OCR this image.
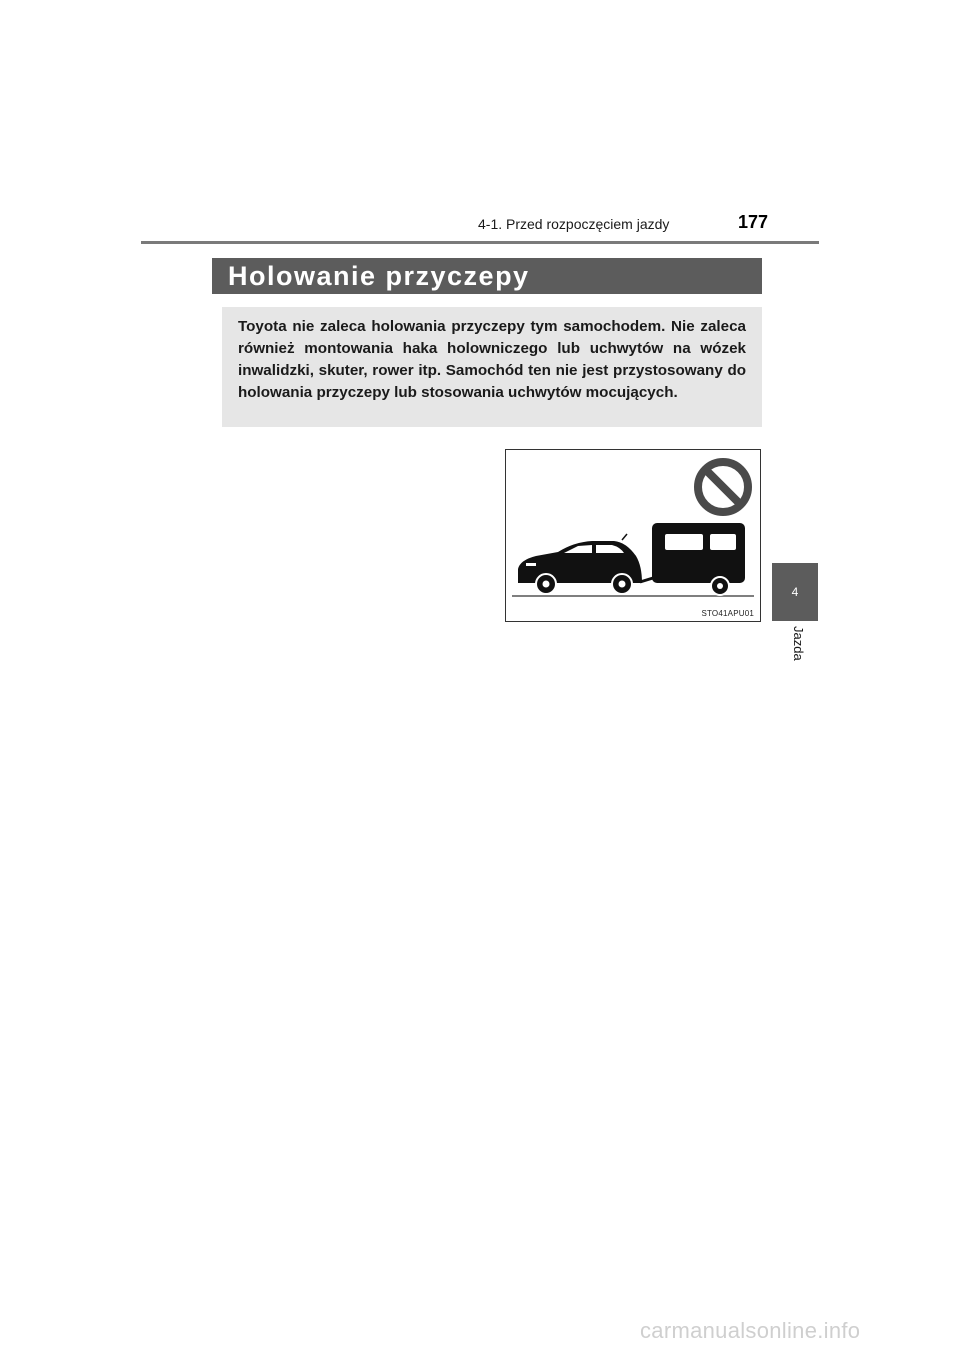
4-1. Przed rozpoczęciem jazdy	177
Holowanie przyczepy

Toyota nie zaleca holowania przyczepy tym samochodem. Nie zaleca również montowania haka holowniczego lub uchwytów na wózek inwalidzki, skuter, rower itp. Samochód ten nie jest przystosowany do holowania przyczepy lub stosowania uchwytów mocujących.

STO41APU01
4
Jazda
carmanualsonline.info
